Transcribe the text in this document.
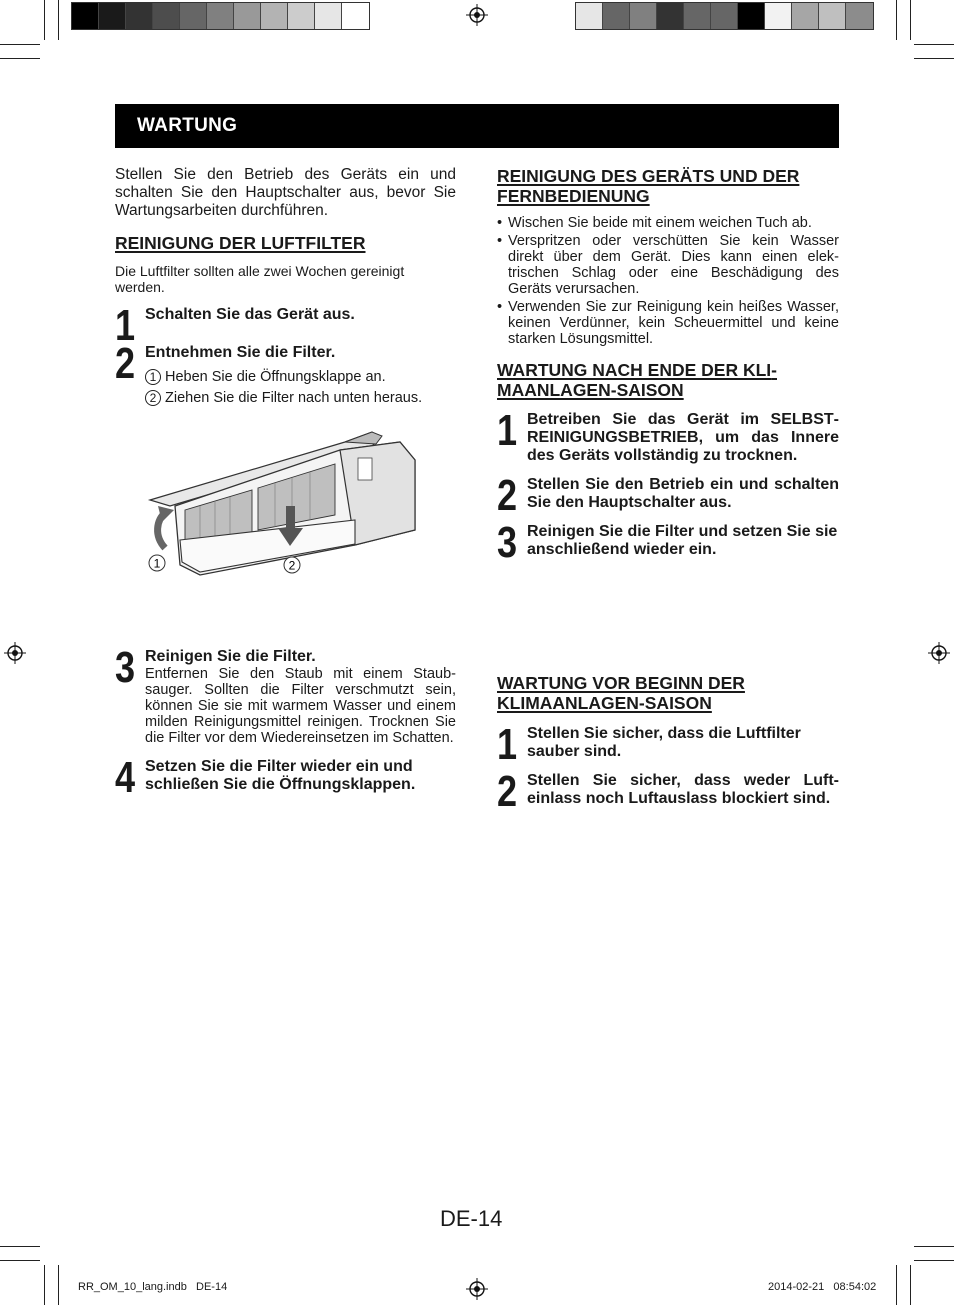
WARTUNG

Stellen Sie den Betrieb des Geräts ein und schalten Sie den Hauptschalter aus, bevor Sie Wartungsarbeiten durchführen.

REINIGUNG DER LUFTFILTER

Die Luftfilter sollten alle zwei Wochen gereinigt werden.

1 Schalten Sie das Gerät aus.
2 Entnehmen Sie die Filter.
1 Heben Sie die Öffnungsklappe an.
2 Ziehen Sie die Filter nach unten heraus.
1	2
3 Reinigen Sie die Filter.
Entfernen Sie den Staub mit einem Staubsauger. Sollten die Filter verschmutzt sein, können Sie sie mit warmem Wasser und einem milden Reinigungsmittel reinigen. Trocknen Sie die Filter vor dem Wiedereinsetzen im Schatten.
4 Setzen Sie die Filter wieder ein und schließen Sie die Öffnungsklappen.
REINIGUNG DES GERÄTS UND DER FERNBEDIENUNG
• Wischen Sie beide mit einem weichen Tuch ab.
• Verspritzen oder verschütten Sie kein Wasser direkt über dem Gerät. Dies kann einen elektrischen Schlag oder eine Beschädigung des Geräts verursachen.
• Verwenden Sie zur Reinigung kein heißes Wasser, keinen Verdünner, kein Scheuermittel und keine starken Lösungsmittel.
WARTUNG NACH ENDE DER KLIMAANLAGEN-SAISON
1 Betreiben Sie das Gerät im SELBSTREINIGUNGSBETRIEB, um das Innere des Geräts vollständig zu trocknen.
2 Stellen Sie den Betrieb ein und schalten Sie den Hauptschalter aus.
3 Reinigen Sie die Filter und setzen Sie sie anschließend wieder ein.
WARTUNG VOR BEGINN DER KLIMAANLAGEN-SAISON
1 Stellen Sie sicher, dass die Luftfilter sauber sind.
2 Stellen Sie sicher, dass weder Lufteinlass noch Luftauslass blockiert sind.
DE-14
RR_OM_10_lang.indb   DE-14	2014-02-21   08:54:02
